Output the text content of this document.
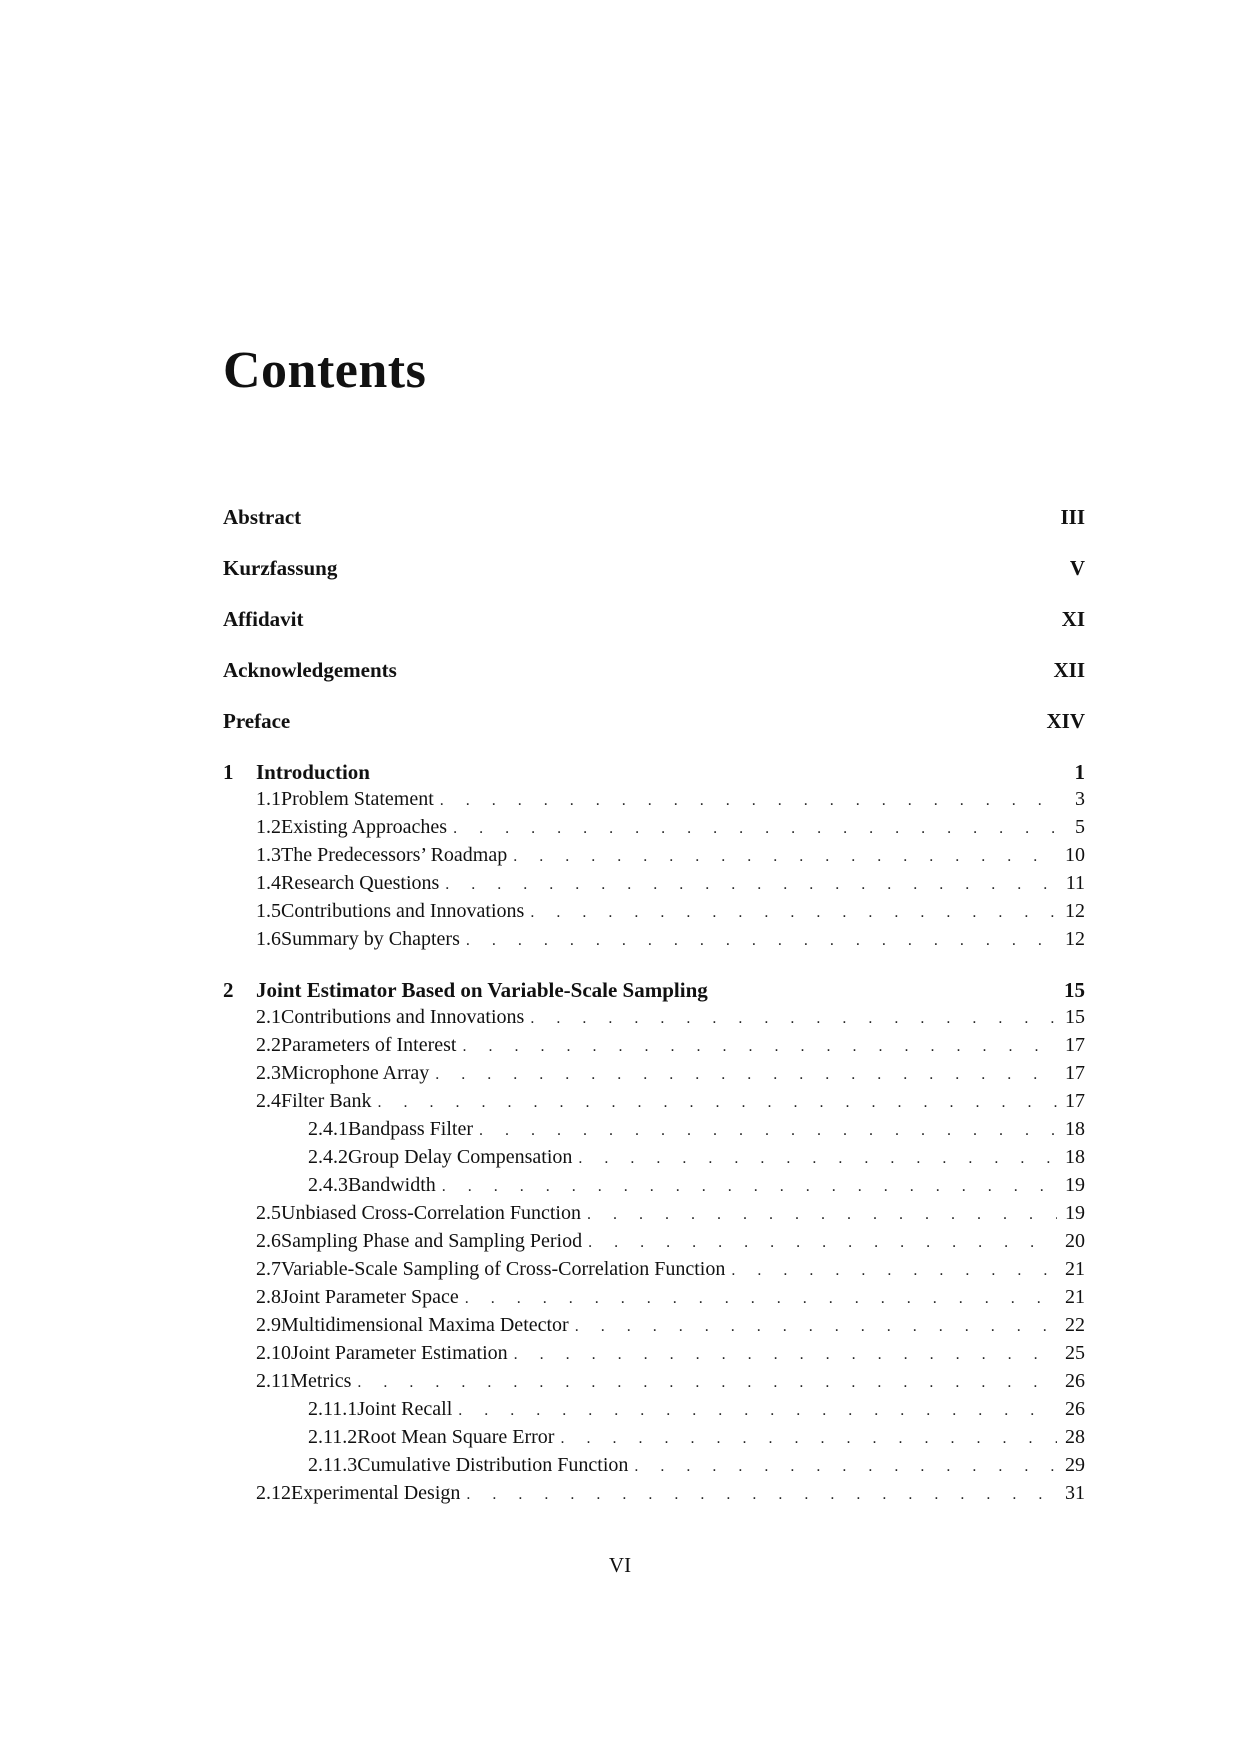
Contents
Abstract	III
Kurzfassung	V
Affidavit	XI
Acknowledgements	XII
Preface	XIV
1	Introduction	1
1.1 Problem Statement . . .	3
1.2 Existing Approaches . . .	5
1.3 The Predecessors’ Roadmap . . .	10
1.4 Research Questions . . .	11
1.5 Contributions and Innovations . . .	12
1.6 Summary by Chapters . . .	12
2	Joint Estimator Based on Variable-Scale Sampling	15
2.1 Contributions and Innovations . . .	15
2.2 Parameters of Interest . . .	17
2.3 Microphone Array . . .	17
2.4 Filter Bank . . .	17
2.4.1 Bandpass Filter . . .	18
2.4.2 Group Delay Compensation . . .	18
2.4.3 Bandwidth . . .	19
2.5 Unbiased Cross-Correlation Function . . .	19
2.6 Sampling Phase and Sampling Period . . .	20
2.7 Variable-Scale Sampling of Cross-Correlation Function . . .	21
2.8 Joint Parameter Space . . .	21
2.9 Multidimensional Maxima Detector . . .	22
2.10 Joint Parameter Estimation . . .	25
2.11 Metrics . . .	26
2.11.1 Joint Recall . . .	26
2.11.2 Root Mean Square Error . . .	28
2.11.3 Cumulative Distribution Function . . .	29
2.12 Experimental Design . . .	31
VI
